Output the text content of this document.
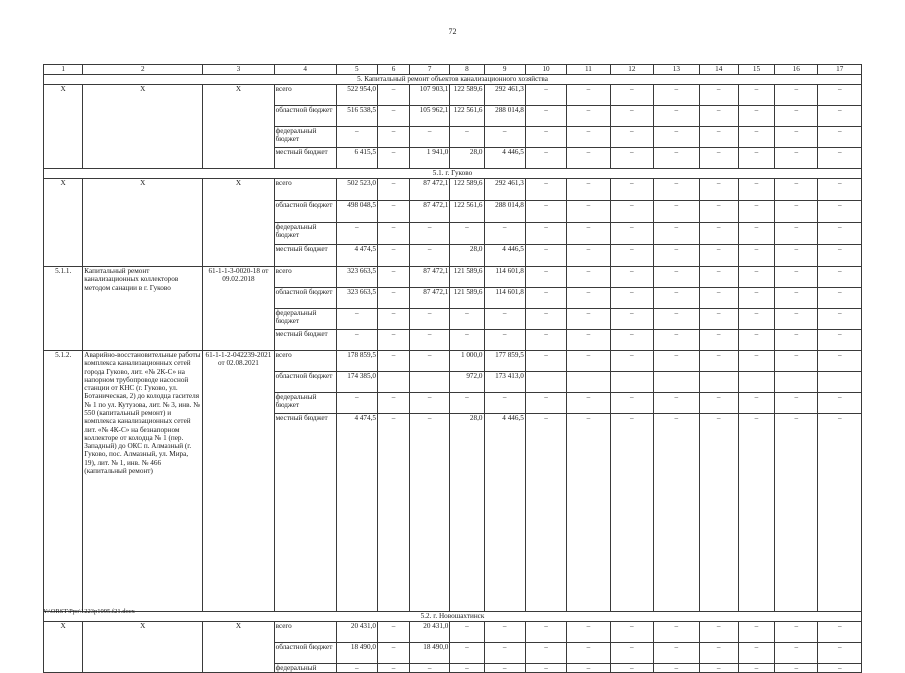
72
1	2	3	4	5	6	7	8	9	10	11	12	13	14	15	16	17
5. Капитальный ремонт объектов канализационного хозяйства																
Х	Х	Х	всего	522 954,0	–	107 903,1	122 589,6	292 461,3	–	–	–	–	–	–	–	–
			областной бюджет	516 538,5	–	105 962,1	122 561,6	288 014,8	–	–	–	–	–	–	–	–
			федеральный бюджет	–	–	–	–	–	–	–	–	–	–	–	–	–
			местный бюджет	6 415,5	–	1 941,0	28,0	4 446,5	–	–	–	–	–	–	–	–
5.1. г. Гуково																
Х	Х	Х	всего	502 523,0	–	87 472,1	122 589,6	292 461,3	–	–	–	–	–	–	–	–
			областной бюджет	498 048,5	–	87 472,1	122 561,6	288 014,8	–	–	–	–	–	–	–	–
			федеральный бюджет	–	–	–	–	–	–	–	–	–	–	–	–	–
			местный бюджет	4 474,5	–	–	28,0	4 446,5	–	–	–	–	–	–	–	–
5.1.1.	Капитальный ремонт канализационных коллекторов методом санации в г. Гуково	61-1-1-3-0020-18 от 09.02.2018	всего	323 663,5	–	87 472,1	121 589,6	114 601,8	–	–	–	–	–	–	–	–
			областной бюджет	323 663,5	–	87 472,1	121 589,6	114 601,8	–	–	–	–	–	–	–	–
			федеральный бюджет	–	–	–	–	–	–	–	–	–	–	–	–	–
			местный бюджет	–	–	–	–	–	–	–	–	–	–	–	–	–
5.1.2.	Аварийно-восстановительные работы комплекса канализационных сетей города Гуково, лит. «№ 2К-С» на напорном трубопроводе насосной станции от КНС (г. Гуково, ул. Ботаническая, 2) до колодца гасителя № 1 по ул. Кутузова, лит. № 3, инв. № 550 (капитальный ремонт) и комплекса канализационных сетей лит. «№ 4К-С» на безнапорном коллекторе от колодца № 1 (пер. Западный) до ОКС п. Алмазный (г. Гуково, пос. Алмазный, ул. Мира, 19), лит. № 1, инв. № 466 (капитальный ремонт)	61-1-1-2-042239-2021 от 02.08.2021	всего	178 859,5	–	–	1 000,0	177 859,5	–	–	–	–	–	–	–	–
			областной бюджет	174 385,0			972,0	173 413,0								
			федеральный бюджет	–	–	–	–	–	–	–	–	–	–	–	–	–
			местный бюджет	4 474,5	–	–	28,0	4 446,5	–	–	–	–	–	–	–	–
5.2. г. Новошахтинск																
Х	Х	Х	всего	20 431,0	–	20 431,0	–	–	–	–	–	–	–	–	–	–
			областной бюджет	18 490,0	–	18 490,0	–	–	–	–	–	–	–	–	–	–
			федеральный	–	–	–	–	–	–	–	–	–	–	–	–	–
Y:\ORST\Ppo\1223p1095.f21.docx
